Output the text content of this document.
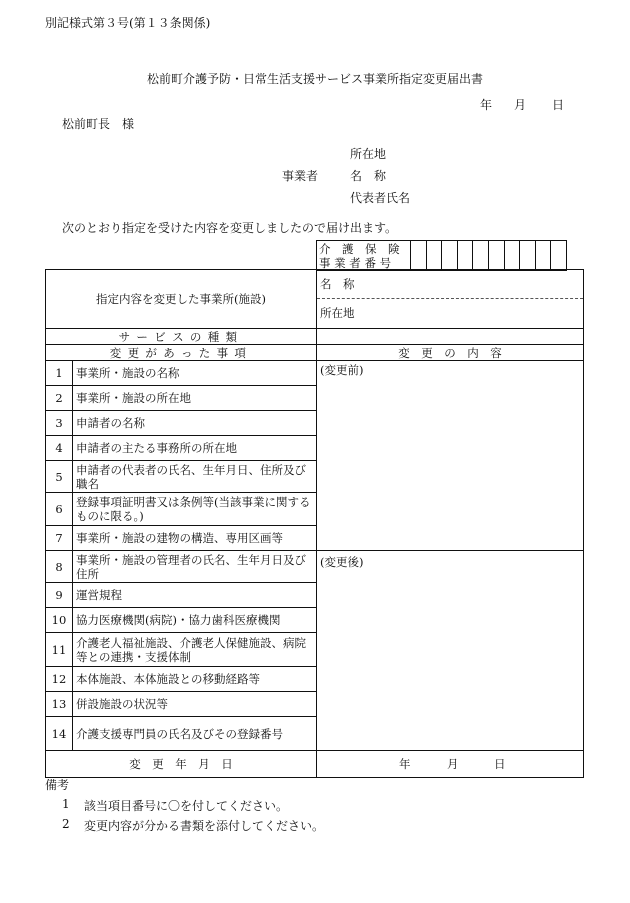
別記様式第３号(第１３条関係)
松前町介護予防・日常生活支援サービス事業所指定変更届出書
年 月 日
松前町長　様
所在地
事業者	名　称
代表者氏名
次のとおり指定を受けた内容を変更しましたので届け出ます。
介　護　保　険
事 業 者 番 号

指定内容を変更した事業所(施設)		名　称
所在地

サービスの種類		
変更があった事項		変　更　の　内　容
1	事業所・施設の名称	(変更前)
2	事業所・施設の所在地	
3	申請者の名称	
4	申請者の主たる事務所の所在地	
5	申請者の代表者の氏名、生年月日、住所及び職名	
6	登録事項証明書又は条例等(当該事業に関するものに限る。)	
7	事業所・施設の建物の構造、専用区画等	
8	事業所・施設の管理者の氏名、生年月日及び住所	(変更後)
9	運営規程	
10	協力医療機関(病院)・協力歯科医療機関	
11	介護老人福祉施設、介護老人保健施設、病院等との連携・支援体制	
12	本体施設、本体施設との移動経路等	
13	併設施設の状況等	
14	介護支援専門員の氏名及びその登録番号	
変　更　年　月　日		年 月 日
備考
1 該当項目番号に〇を付してください。
2 変更内容が分かる書類を添付してください。
